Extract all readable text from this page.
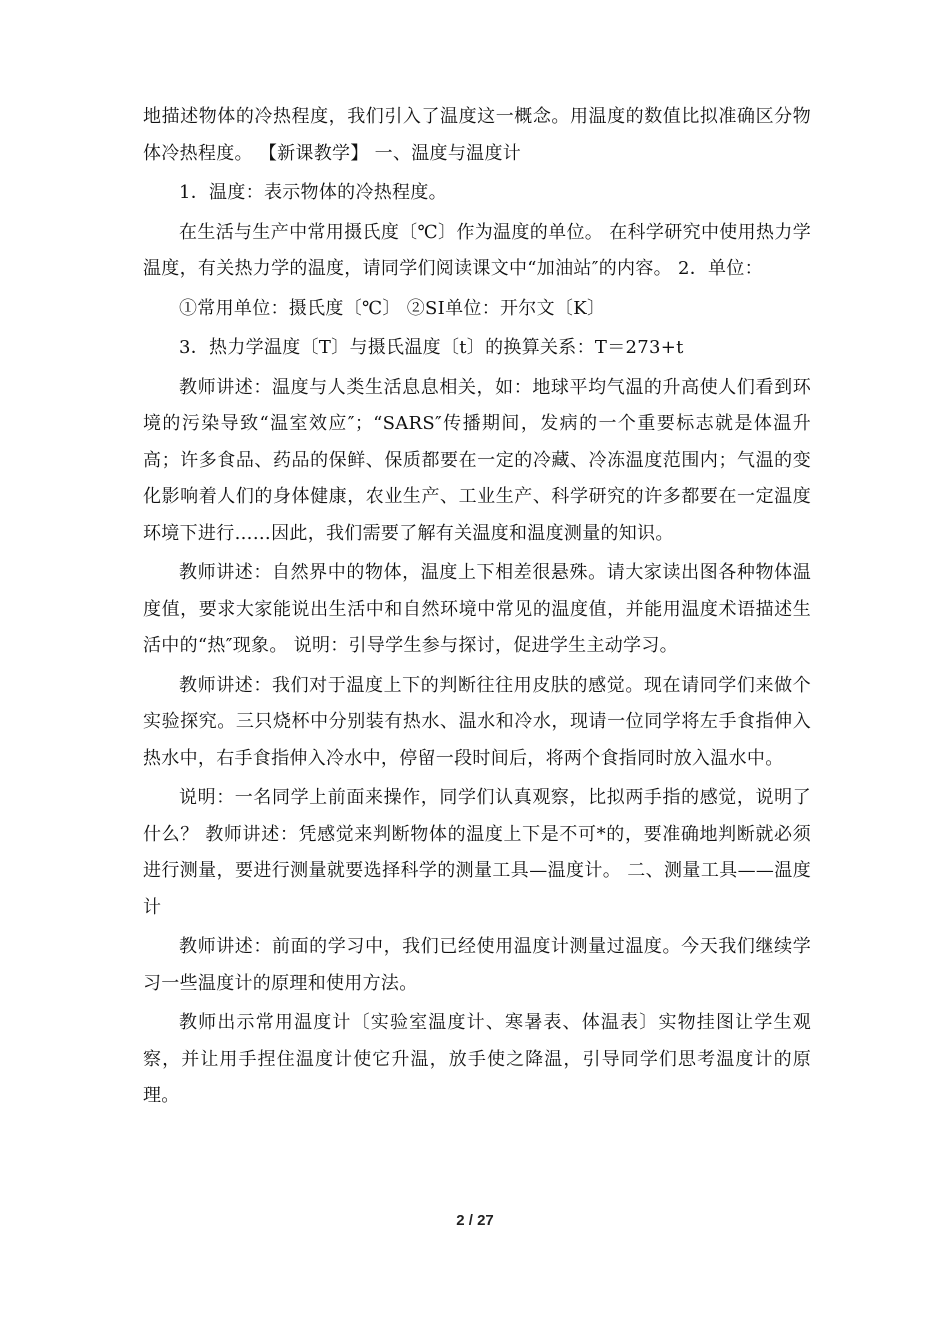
地描述物体的冷热程度，我们引入了温度这一概念。用温度的数值比拟准确区分物体冷热程度。 【新课教学】 一、温度与温度计

1．温度：表示物体的冷热程度。

在生活与生产中常用摄氏度〔℃〕作为温度的单位。 在科学研究中使用热力学温度，有关热力学的温度，请同学们阅读课文中“加油站″的内容。 2．单位：

①常用单位：摄氏度〔℃〕 ②SI单位：开尔文〔K〕

3．热力学温度〔T〕与摄氏温度〔t〕的换算关系：T＝273+t

教师讲述：温度与人类生活息息相关，如：地球平均气温的升高使人们看到环境的污染导致“温室效应″；“SARS″传播期间，发病的一个重要标志就是体温升高；许多食品、药品的保鲜、保质都要在一定的冷藏、冷冻温度范围内；气温的变化影响着人们的身体健康，农业生产、工业生产、科学研究的许多都要在一定温度环境下进行……因此，我们需要了解有关温度和温度测量的知识。

教师讲述：自然界中的物体，温度上下相差很悬殊。请大家读出图各种物体温度值，要求大家能说出生活中和自然环境中常见的温度值，并能用温度术语描述生活中的“热″现象。 说明：引导学生参与探讨，促进学生主动学习。

教师讲述：我们对于温度上下的判断往往用皮肤的感觉。现在请同学们来做个实验探究。三只烧杯中分别装有热水、温水和冷水，现请一位同学将左手食指伸入热水中，右手食指伸入冷水中，停留一段时间后，将两个食指同时放入温水中。

说明：一名同学上前面来操作，同学们认真观察，比拟两手指的感觉，说明了什么？ 教师讲述：凭感觉来判断物体的温度上下是不可*的，要准确地判断就必须进行测量，要进行测量就要选择科学的测量工具—温度计。 二、测量工具——温度计

教师讲述：前面的学习中，我们已经使用温度计测量过温度。今天我们继续学习一些温度计的原理和使用方法。

教师出示常用温度计〔实验室温度计、寒暑表、体温表〕实物挂图让学生观察，并让用手捏住温度计使它升温，放手使之降温，引导同学们思考温度计的原理。

2 / 27
